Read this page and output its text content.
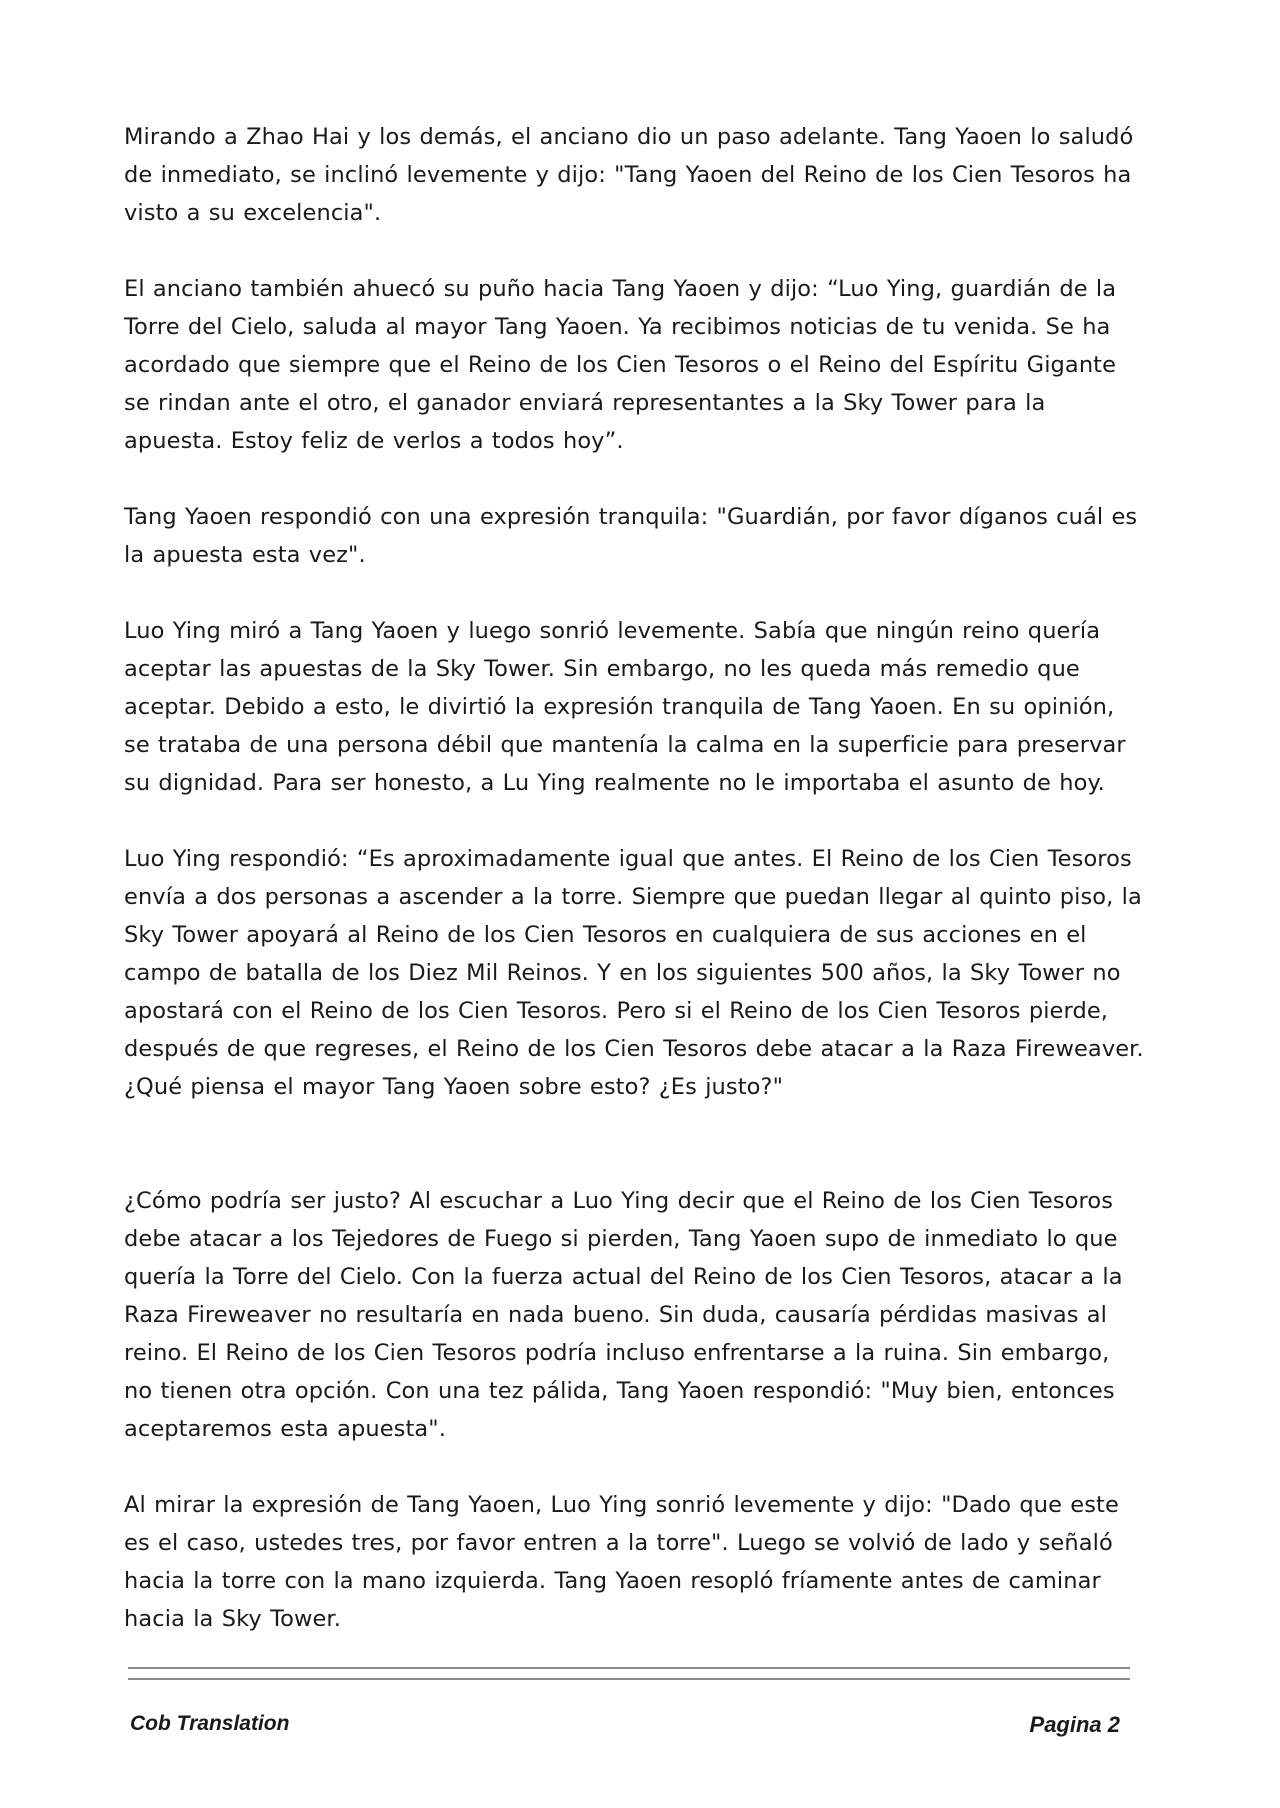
Mirando a Zhao Hai y los demás, el anciano dio un paso adelante. Tang Yaoen lo saludó de inmediato, se inclinó levemente y dijo: "Tang Yaoen del Reino de los Cien Tesoros ha visto a su excelencia".

El anciano también ahuecó su puño hacia Tang Yaoen y dijo: “Luo Ying, guardián de la Torre del Cielo, saluda al mayor Tang Yaoen. Ya recibimos noticias de tu venida. Se ha acordado que siempre que el Reino de los Cien Tesoros o el Reino del Espíritu Gigante se rindan ante el otro, el ganador enviará representantes a la Sky Tower para la apuesta. Estoy feliz de verlos a todos hoy”.

Tang Yaoen respondió con una expresión tranquila: "Guardián, por favor díganos cuál es la apuesta esta vez".

Luo Ying miró a Tang Yaoen y luego sonrió levemente. Sabía que ningún reino quería aceptar las apuestas de la Sky Tower. Sin embargo, no les queda más remedio que aceptar. Debido a esto, le divirtió la expresión tranquila de Tang Yaoen. En su opinión, se trataba de una persona débil que mantenía la calma en la superficie para preservar su dignidad. Para ser honesto, a Lu Ying realmente no le importaba el asunto de hoy.

Luo Ying respondió: “Es aproximadamente igual que antes. El Reino de los Cien Tesoros envía a dos personas a ascender a la torre. Siempre que puedan llegar al quinto piso, la Sky Tower apoyará al Reino de los Cien Tesoros en cualquiera de sus acciones en el campo de batalla de los Diez Mil Reinos. Y en los siguientes 500 años, la Sky Tower no apostará con el Reino de los Cien Tesoros. Pero si el Reino de los Cien Tesoros pierde, después de que regreses, el Reino de los Cien Tesoros debe atacar a la Raza Fireweaver. ¿Qué piensa el mayor Tang Yaoen sobre esto? ¿Es justo?"

¿Cómo podría ser justo? Al escuchar a Luo Ying decir que el Reino de los Cien Tesoros debe atacar a los Tejedores de Fuego si pierden, Tang Yaoen supo de inmediato lo que quería la Torre del Cielo. Con la fuerza actual del Reino de los Cien Tesoros, atacar a la Raza Fireweaver no resultaría en nada bueno. Sin duda, causaría pérdidas masivas al reino. El Reino de los Cien Tesoros podría incluso enfrentarse a la ruina. Sin embargo, no tienen otra opción. Con una tez pálida, Tang Yaoen respondió: "Muy bien, entonces aceptaremos esta apuesta".

Al mirar la expresión de Tang Yaoen, Luo Ying sonrió levemente y dijo: "Dado que este es el caso, ustedes tres, por favor entren a la torre". Luego se volvió de lado y señaló hacia la torre con la mano izquierda. Tang Yaoen resopló fríamente antes de caminar hacia la Sky Tower.

Cob Translation	Pagina 2
